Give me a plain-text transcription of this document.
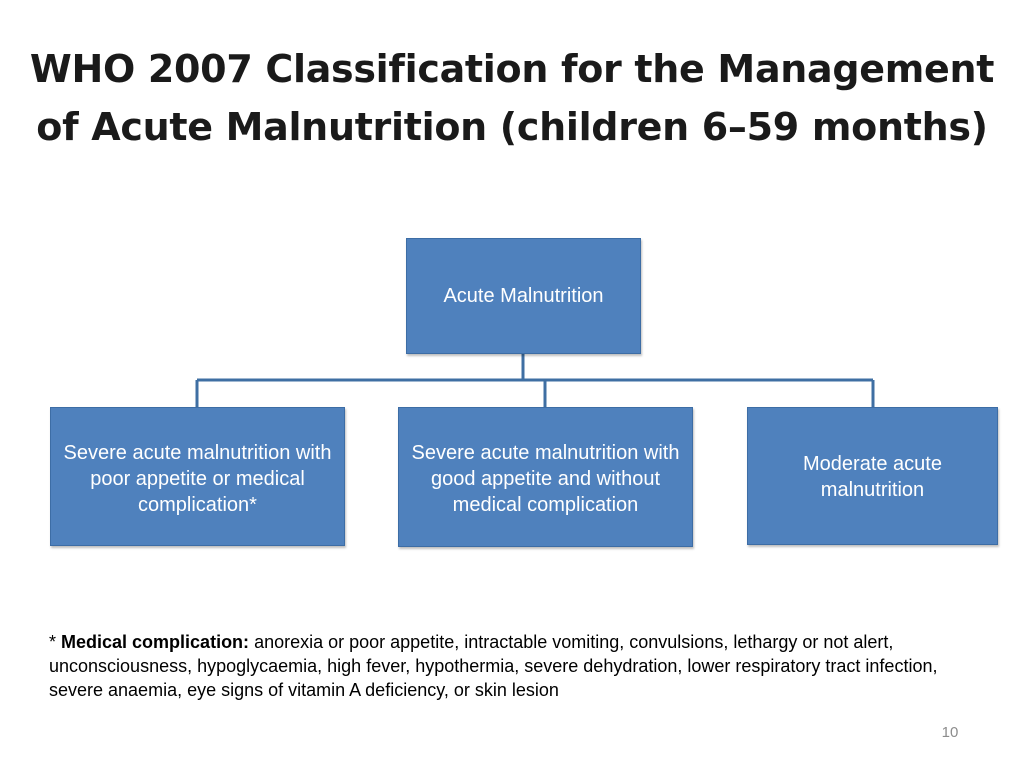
WHO 2007 Classification for the Management
of Acute Malnutrition (children 6–59 months)
Acute Malnutrition
Severe acute malnutrition with poor appetite or medical complication*
Severe acute malnutrition with good appetite and without medical complication
Moderate acute malnutrition
* Medical complication: anorexia or poor appetite, intractable vomiting, convulsions, lethargy or not alert, unconsciousness, hypoglycaemia, high fever, hypothermia, severe dehydration, lower respiratory tract infection, severe anaemia, eye signs of vitamin A deficiency, or skin lesion
10
